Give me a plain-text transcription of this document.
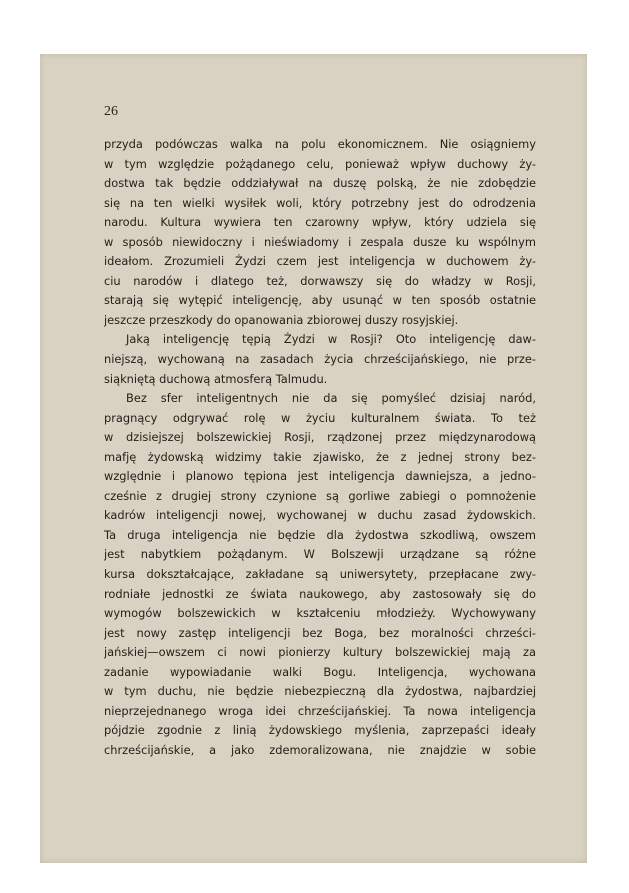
26
przyda podówczas walka na polu ekonomicznem. Nie osiągniemy
w tym względzie pożądanego celu, ponieważ wpływ duchowy ży-
dostwa tak będzie oddziaływał na duszę polską, że nie zdobędzie
się na ten wielki wysiłek woli, który potrzebny jest do odrodzenia
narodu. Kultura wywiera ten czarowny wpływ, który udziela się
w sposób niewidoczny i nieświadomy i zespala dusze ku wspólnym
ideałom. Zrozumieli Żydzi czem jest inteligencja w duchowem ży-
ciu narodów i dlatego też, dorwawszy się do władzy w Rosji,
starają się wytępić inteligencję, aby usunąć w ten sposób ostatnie
jeszcze przeszkody do opanowania zbiorowej duszy rosyjskiej.
Jaką inteligencję tępią Żydzi w Rosji? Oto inteligencję daw-
niejszą, wychowaną na zasadach życia chrześcijańskiego, nie prze-
siąkniętą duchową atmosferą Talmudu.
Bez sfer inteligentnych nie da się pomyśleć dzisiaj naród,
pragnący odgrywać rolę w życiu kulturalnem świata. To też
w dzisiejszej bolszewickiej Rosji, rządzonej przez międzynarodową
mafję żydowską widzimy takie zjawisko, że z jednej strony bez-
względnie i planowo tępiona jest inteligencja dawniejsza, a jedno-
cześnie z drugiej strony czynione są gorliwe zabiegi o pomnożenie
kadrów inteligencji nowej, wychowanej w duchu zasad żydowskich.
Ta druga inteligencja nie będzie dla żydostwa szkodliwą, owszem
jest nabytkiem pożądanym. W Bolszewji urządzane są różne
kursa dokształcające, zakładane są uniwersytety, przepłacane zwy-
rodniałe jednostki ze świata naukowego, aby zastosowały się do
wymogów bolszewickich w kształceniu młodzieży. Wychowywany
jest nowy zastęp inteligencji bez Boga, bez moralności chrześci-
jańskiej—owszem ci nowi pionierzy kultury bolszewickiej mają za
zadanie wypowiadanie walki Bogu. Inteligencja, wychowana
w tym duchu, nie będzie niebezpieczną dla żydostwa, najbardziej
nieprzejednanego wroga idei chrześcijańskiej. Ta nowa inteligencja
pójdzie zgodnie z linią żydowskiego myślenia, zaprzepaści ideały
chrześcijańskie, a jako zdemoralizowana, nie znajdzie w sobie
